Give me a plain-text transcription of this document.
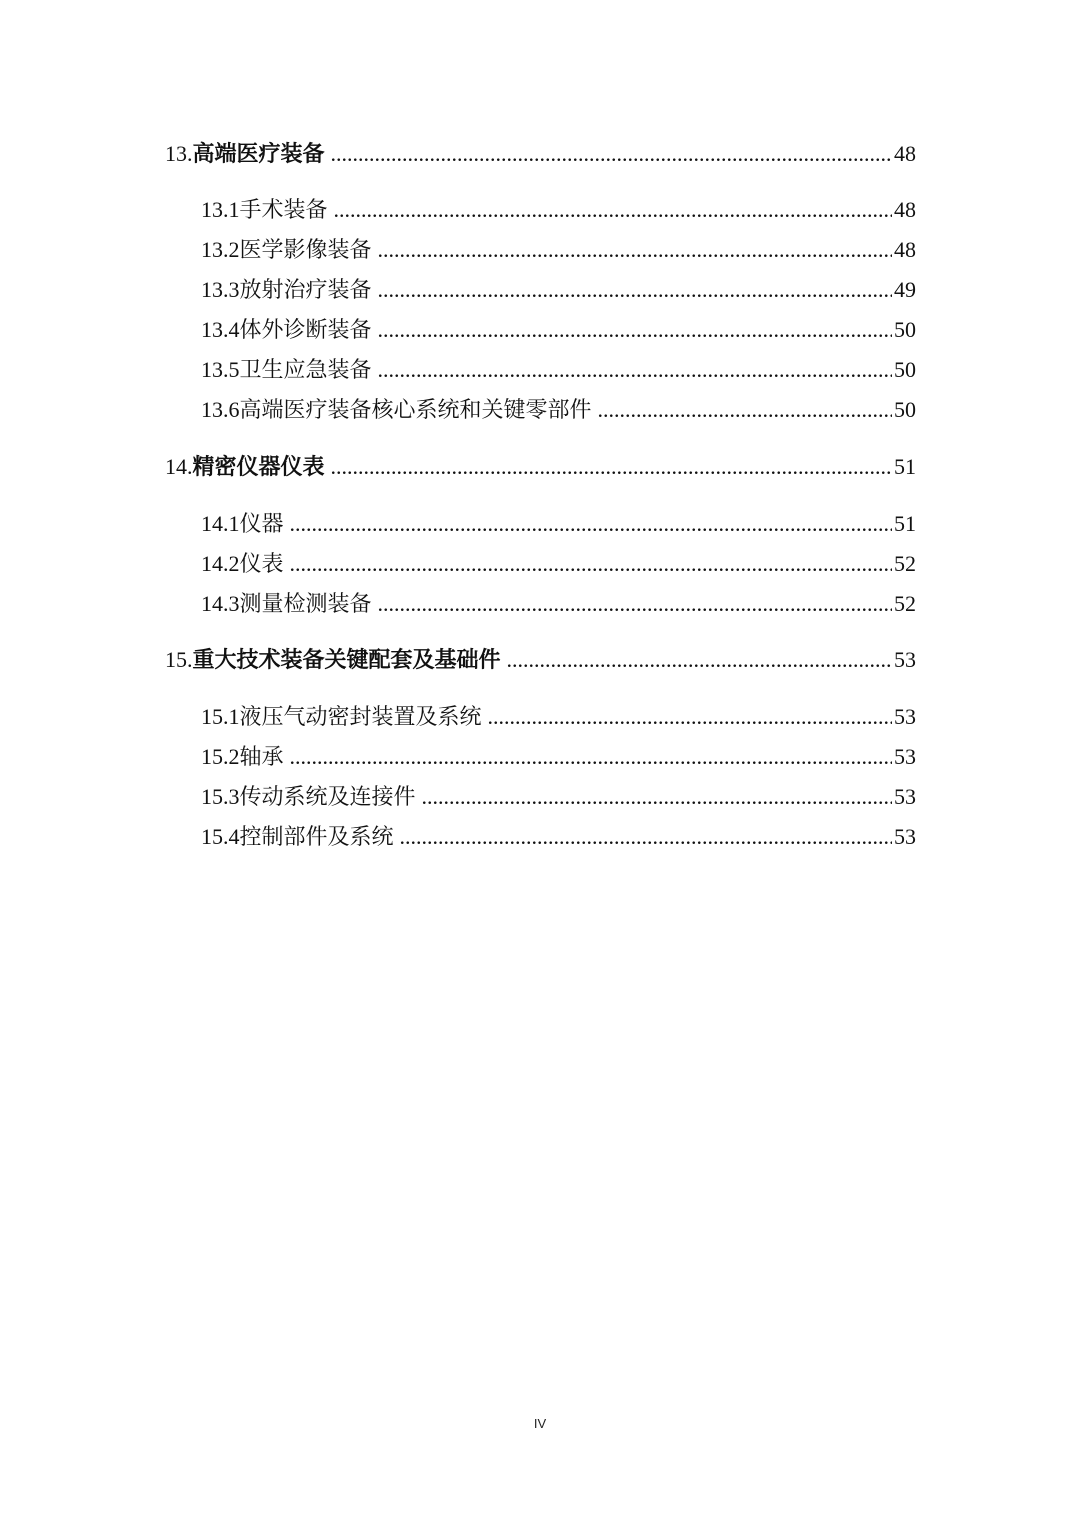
13. 高端医疗装备 .....	48
13.1 手术装备 .....	48
13.2 医学影像装备 .....	48
13.3 放射治疗装备 .....	49
13.4 体外诊断装备 .....	50
13.5 卫生应急装备 .....	50
13.6 高端医疗装备核心系统和关键零部件 .....	50
14. 精密仪器仪表 .....	51
14.1 仪器 .....	51
14.2 仪表 .....	52
14.3 测量检测装备 .....	52
15. 重大技术装备关键配套及基础件 .....	53
15.1 液压气动密封装置及系统 .....	53
15.2 轴承 .....	53
15.3 传动系统及连接件 .....	53
15.4 控制部件及系统 .....	53
IV
